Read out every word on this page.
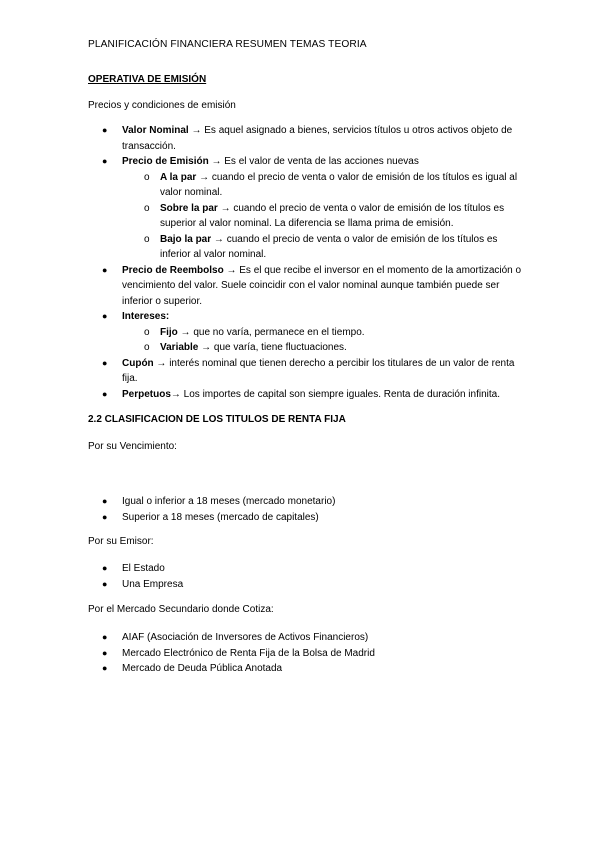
PLANIFICACIÓN FINANCIERA RESUMEN TEMAS TEORIA
OPERATIVA DE EMISIÓN
Precios y condiciones de emisión
● Valor Nominal → Es aquel asignado a bienes, servicios títulos u otros activos objeto de transacción.
● Precio de Emisión → Es el valor de venta de las acciones nuevas
o A la par → cuando el precio de venta o valor de emisión de los títulos es igual al valor nominal.
o Sobre la par → cuando el precio de venta o valor de emisión de los títulos es superior al valor nominal. La diferencia se llama prima de emisión.
o Bajo la par → cuando el precio de venta o valor de emisión de los títulos es inferior al valor nominal.
● Precio de Reembolso → Es el que recibe el inversor en el momento de la amortización o vencimiento del valor. Suele coincidir con el valor nominal aunque también puede ser inferior o superior.
● Intereses:
o Fijo → que no varía, permanece en el tiempo.
o Variable → que varía, tiene fluctuaciones.
● Cupón → interés nominal que tienen derecho a percibir los titulares de un valor de renta fija.
● Perpetuos→ Los importes de capital son siempre iguales. Renta de duración infinita.
2.2 CLASIFICACION DE LOS TITULOS DE RENTA FIJA
Por su Vencimiento:
● Igual o inferior a 18 meses (mercado monetario)
● Superior a 18 meses (mercado de capitales)
Por su Emisor:
● El Estado
● Una Empresa
Por el Mercado Secundario donde Cotiza:
● AIAF (Asociación de Inversores de Activos Financieros)
● Mercado Electrónico de Renta Fija de la Bolsa de Madrid
● Mercado de Deuda Pública Anotada
